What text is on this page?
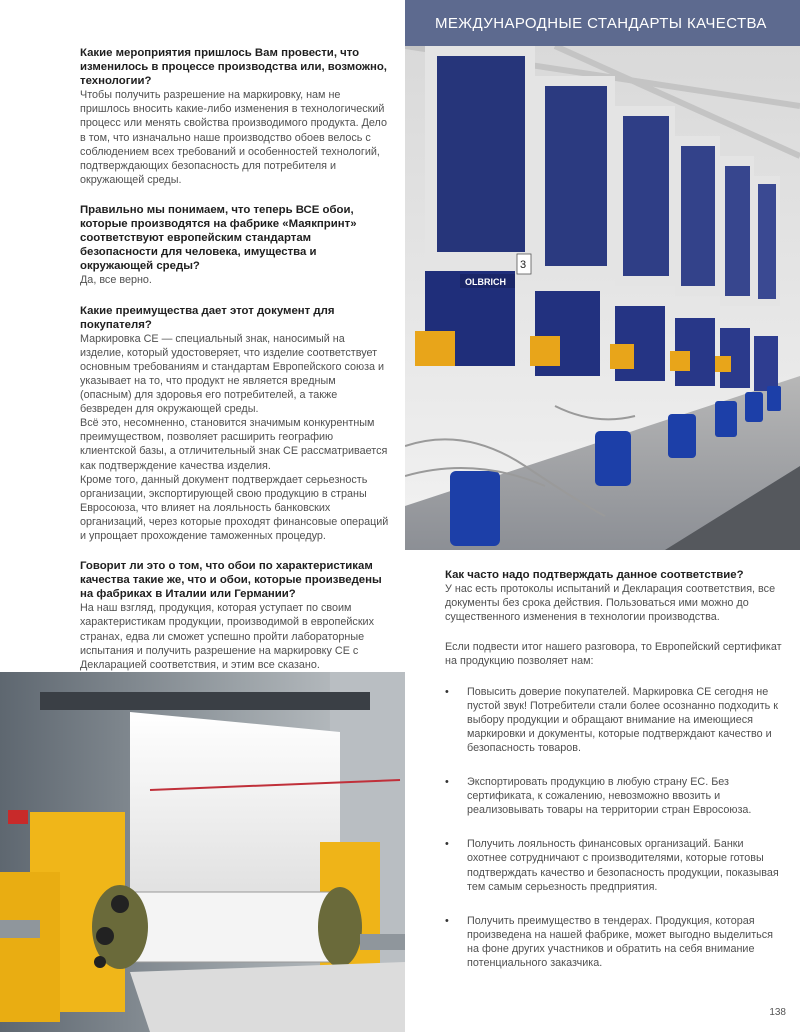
МЕЖДУНАРОДНЫЕ СТАНДАРТЫ КАЧЕСТВА
OLBRICH
3

Какие мероприятия пришлось Вам провести, что изменилось в процессе производства или, возможно, технологии?

Чтобы получить разрешение на маркировку, нам не пришлось вносить какие-либо изменения в технологический процесс или менять свойства производимого продукта. Дело в том, что изначально наше производство обоев велось с соблюдением всех требований и особенностей технологий, подтверждающих безопасность для потребителя и окружающей среды.

Правильно мы понимаем, что теперь ВСЕ обои, которые производятся на фабрике «Маякпринт» соответствуют европейским стандартам безопасности для человека, имущества и окружающей среды?

Да, все верно.

Какие преимущества дает этот документ для покупателя?

Маркировка CE — специальный знак, наносимый на изделие, который удостоверяет, что изделие соответствует основным требованиям и стандартам Европейского союза и указывает на то, что продукт не является вредным (опасным) для здоровья его потребителей, а также безвреден для окружающей среды.

Всё это, несомненно, становится значимым конкурентным преимуществом, позволяет расширить географию клиентской базы, а отличительный знак CE рассматривается как подтверждение качества изделия.

Кроме того, данный документ подтверждает серьезность организации, экспортирующей свою продукцию в страны Евросоюза, что влияет на лояльность банковских организаций, через которые проходят финансовые операций и упрощает прохождение таможенных процедур.

Говорит ли это о том, что обои по характеристикам качества такие же, что и обои, которые произведены на фабриках в Италии или Германии?

На наш взгляд, продукция, которая уступает по своим характеристикам продукции, производимой в европейских странах, едва ли сможет успешно пройти лабораторные испытания и получить разрешение на маркировку CE с Декларацией соответствия, и этим все сказано.

Как часто надо подтверждать данное соответствие?

У нас есть протоколы испытаний и Декларация соответствия, все документы без срока действия. Пользоваться ими можно до существенного изменения в технологии производства.

Если подвести итог нашего разговора, то Европейский сертификат на продукцию позволяет нам:

• Повысить доверие покупателей. Маркировка CE сегодня не пустой звук! Потребители стали более осознанно подходить к выбору продукции и обращают внимание на имеющиеся маркировки и документы, которые подтверждают качество и безопасность товаров.
• Экспортировать продукцию в любую страну ЕС. Без сертификата, к сожалению, невозможно ввозить и реализовывать товары на территории стран Евросоюза.
• Получить лояльность финансовых организаций. Банки охотнее сотрудничают с производителями, которые готовы подтверждать качество и безопасность продукции, показывая тем самым серьезность предприятия.
• Получить преимущество в тендерах. Продукция, которая произведена на нашей фабрике, может выгодно выделиться на фоне других участников и обратить на себя внимание потенциального заказчика.
138
